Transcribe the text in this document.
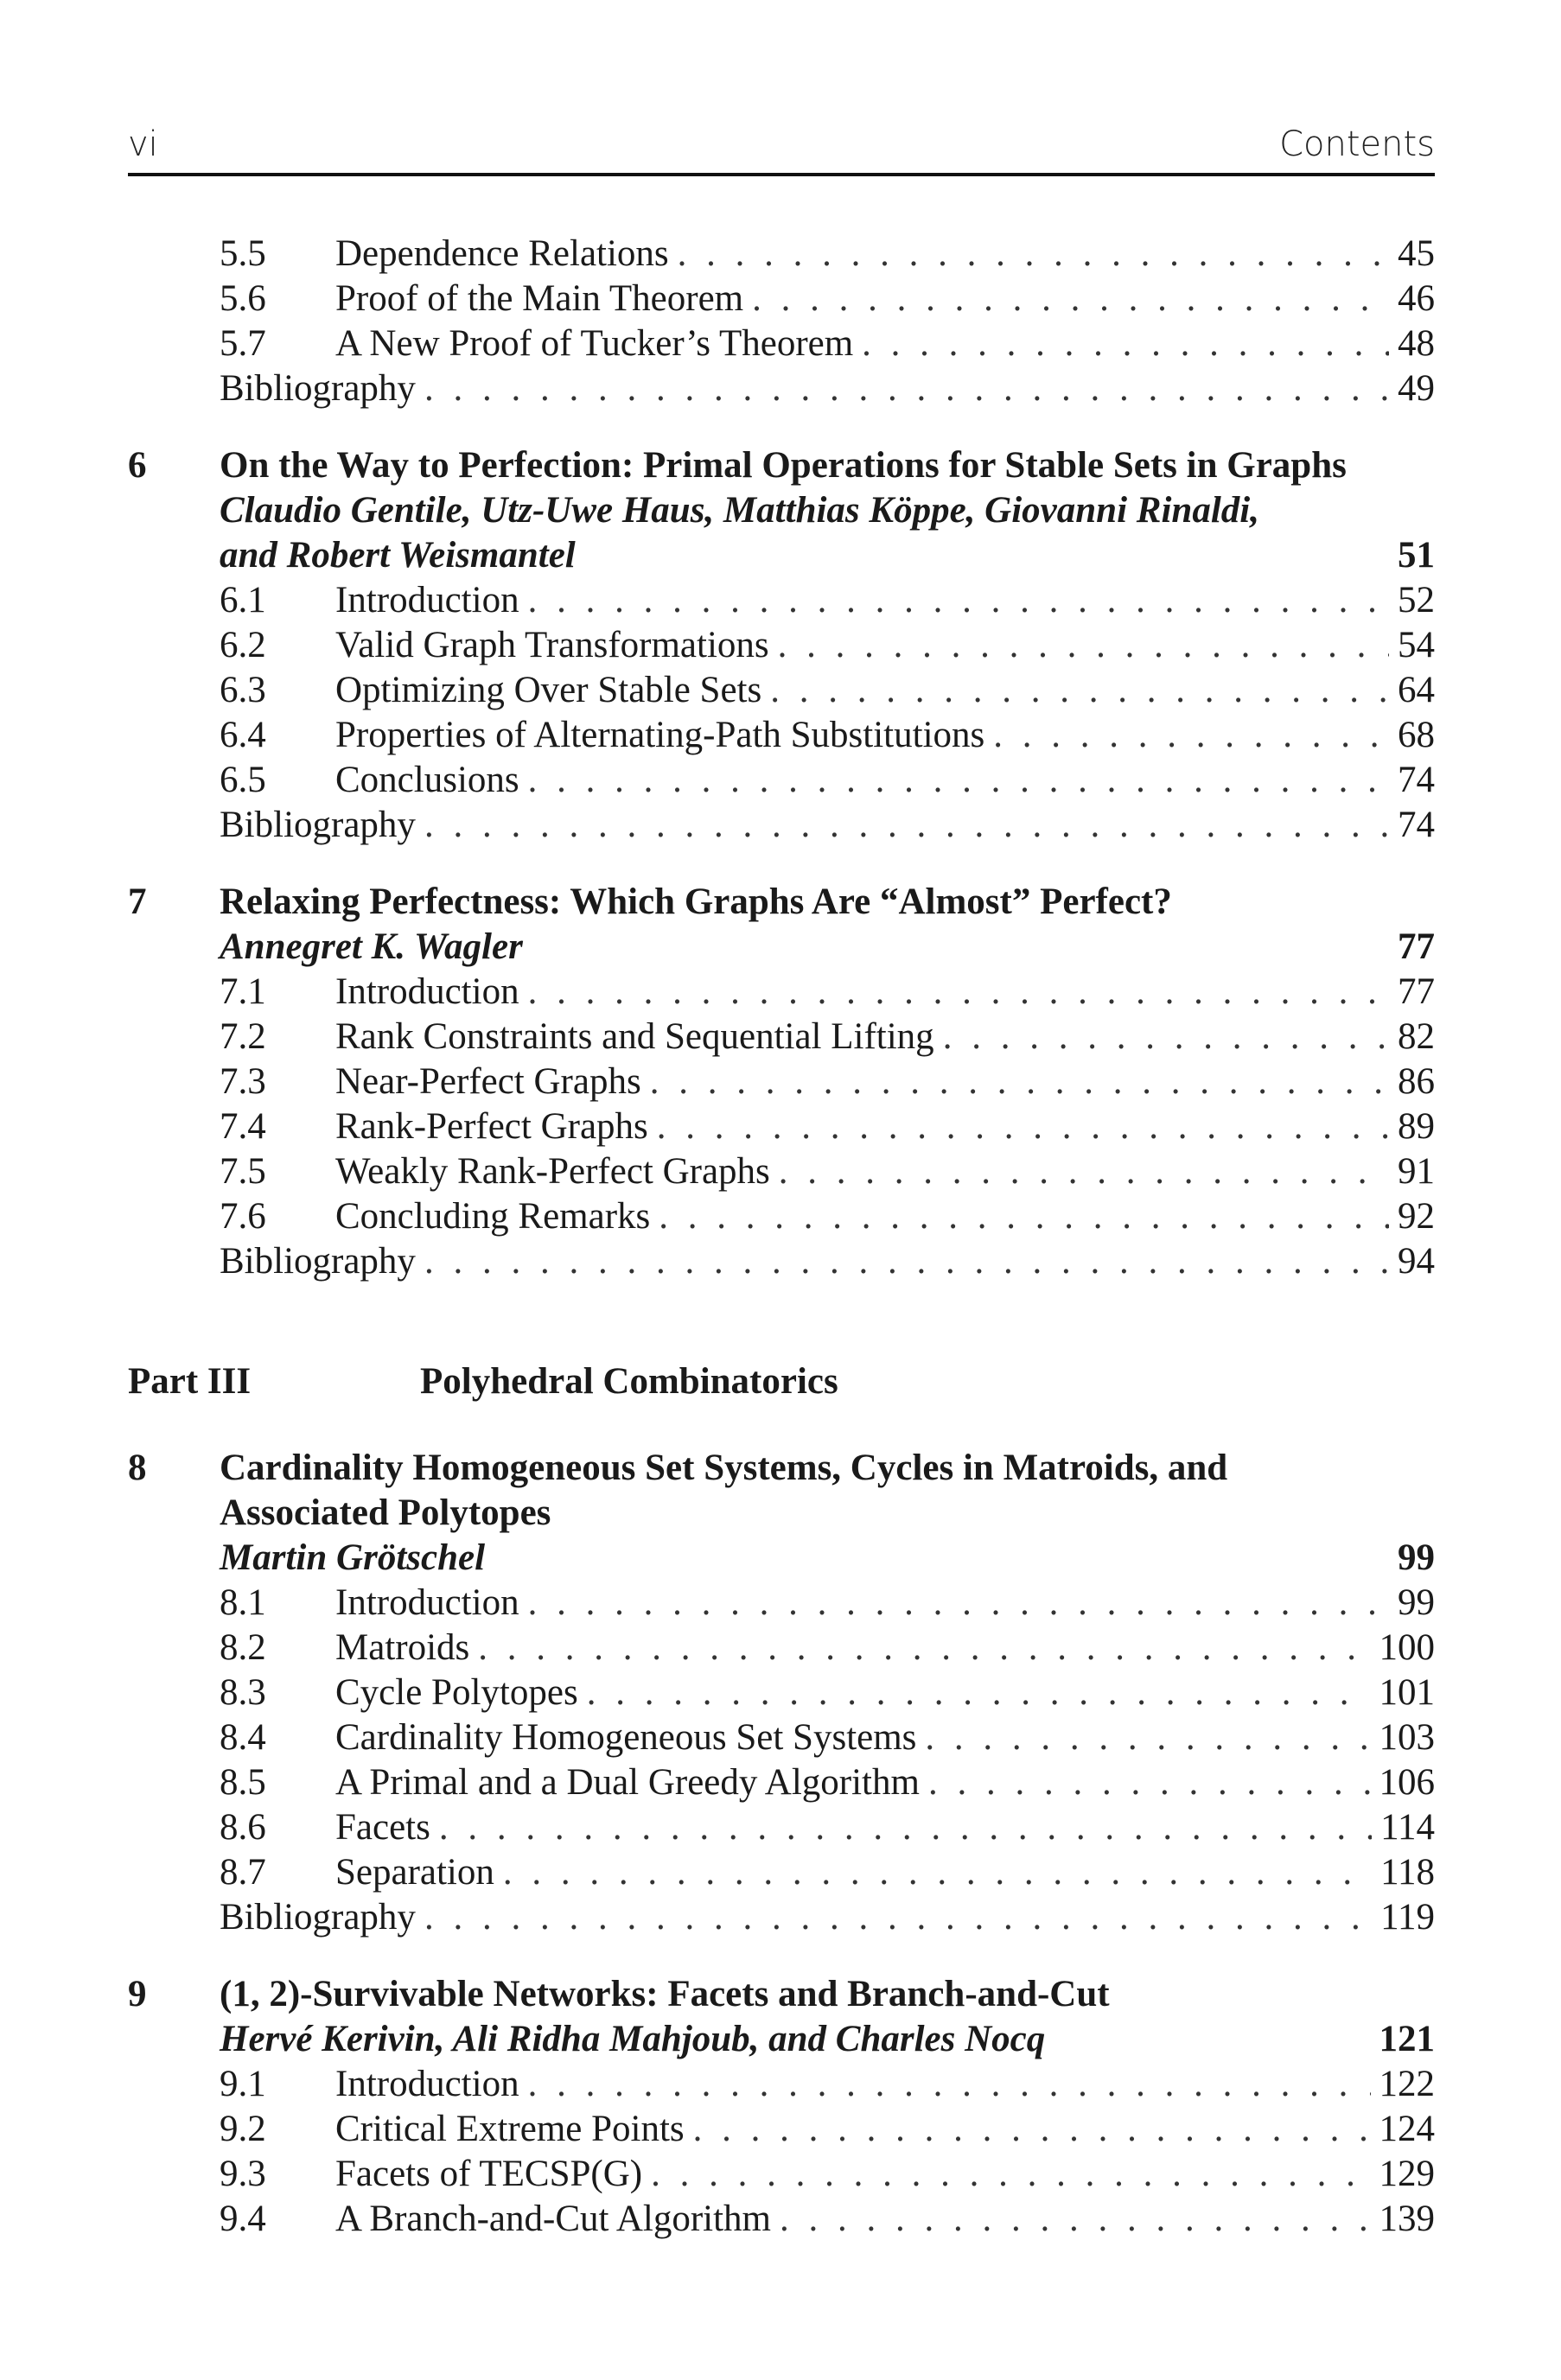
vi	Contents
5.5 Dependence Relations . . .	45
5.6 Proof of the Main Theorem . . .	46
5.7 A New Proof of Tucker’s Theorem . . .	48
Bibliography . . .	49
6	On the Way to Perfection: Primal Operations for Stable Sets in Graphs
Claudio Gentile, Utz-Uwe Haus, Matthias Köppe, Giovanni Rinaldi,
and Robert Weismantel	51
6.1 Introduction . . .	52
6.2 Valid Graph Transformations . . .	54
6.3 Optimizing Over Stable Sets . . .	64
6.4 Properties of Alternating-Path Substitutions . . .	68
6.5 Conclusions . . .	74
Bibliography . . .	74
7	Relaxing Perfectness: Which Graphs Are “Almost” Perfect?
Annegret K. Wagler	77
7.1 Introduction . . .	77
7.2 Rank Constraints and Sequential Lifting . . .	82
7.3 Near-Perfect Graphs . . .	86
7.4 Rank-Perfect Graphs . . .	89
7.5 Weakly Rank-Perfect Graphs . . .	91
7.6 Concluding Remarks . . .	92
Bibliography . . .	94
Part III	Polyhedral Combinatorics
8	Cardinality Homogeneous Set Systems, Cycles in Matroids, and
Associated Polytopes
Martin Grötschel	99
8.1 Introduction . . .	99
8.2 Matroids . . .	100
8.3 Cycle Polytopes . . .	101
8.4 Cardinality Homogeneous Set Systems . . .	103
8.5 A Primal and a Dual Greedy Algorithm . . .	106
8.6 Facets . . .	114
8.7 Separation . . .	118
Bibliography . . .	119
9	(1, 2)-Survivable Networks: Facets and Branch-and-Cut
Hervé Kerivin, Ali Ridha Mahjoub, and Charles Nocq	121
9.1 Introduction . . .	122
9.2 Critical Extreme Points . . .	124
9.3 Facets of TECSP(G) . . .	129
9.4 A Branch-and-Cut Algorithm . . .	139
